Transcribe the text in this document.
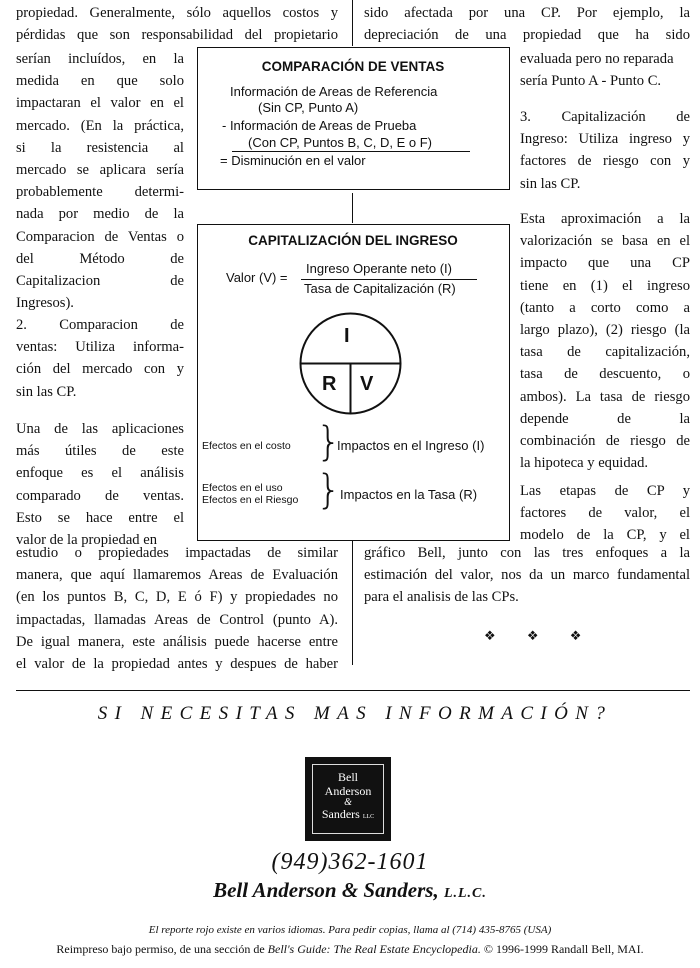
propiedad. Generalmente, sólo aquellos costos y
pérdidas que son responsabilidad del propietario
serían incluídos, en la
medida en que solo
impactaran el valor en el
mercado. (En la práctica,
si la resistencia al
mercado se aplicara sería
probablemente determi-
nada por medio de la
Comparacion de Ventas o
del Método de
Capitalizacion de
Ingresos).
2. Comparacion de
ventas: Utiliza informa-
ción del mercado con y
sin las CP.
Una de las aplicaciones
más útiles de este
enfoque es el análisis
comparado de ventas.
Esto se hace entre el
valor de la propiedad en
estudio o propiedades impactadas de similar
manera, que aquí llamaremos Areas de Evaluación
(en los puntos B, C, D, E ó F) y propiedades no
impactadas, llamadas Areas de Control (punto A).
De igual manera, este análisis puede hacerse entre
el valor de la propiedad antes y despues de haber
sido afectada por una CP. Por ejemplo, la
depreciación de una propiedad que ha sido
evaluada pero no reparada
sería Punto A - Punto C.
3. Capitalización de
Ingreso: Utiliza ingreso y
factores de riesgo con y
sin las CP.
Esta aproximación a la
valorización se basa en el
impacto que una CP
tiene en (1) el ingreso
(tanto a corto como a
largo plazo), (2) riesgo (la
tasa de capitalización,
tasa de descuento, o
ambos). La tasa de riesgo
depende de la
combinación de riesgo de
la hipoteca y equidad.
Las etapas de CP y
factores de valor, el
modelo de la CP, y el
gráfico Bell, junto con las tres enfoques a la
estimación del valor, nos da un marco fundamental
para el analisis de las CPs.
❖ ❖ ❖
COMPARACIÓN DE VENTAS
Información de Areas de Referencia
(Sin CP, Punto A)
- Información de Areas de Prueba
(Con CP, Puntos B, C, D, E o F)
= Disminución en el valor
CAPITALIZACIÓN DEL INGRESO
Valor (V) =
Ingreso Operante neto (I)
Tasa de Capitalización (R)
I
R V
Efectos en el costo }
Impactos en el Ingreso (I)
Efectos en el uso
Efectos en el Riesgo }
Impactos en la Tasa (R)
SI NECESITAS MAS INFORMACIÓN?
Bell
Anderson
&
Sanders LLC
(949)362-1601
Bell Anderson & Sanders, L.L.C.
El reporte rojo existe en varios idiomas. Para pedir copias, llama al (714) 435-8765 (USA)
Reimpreso bajo permiso, de una sección de Bell's Guide: The Real Estate Encyclopedia. © 1996-1999 Randall Bell, MAI.
